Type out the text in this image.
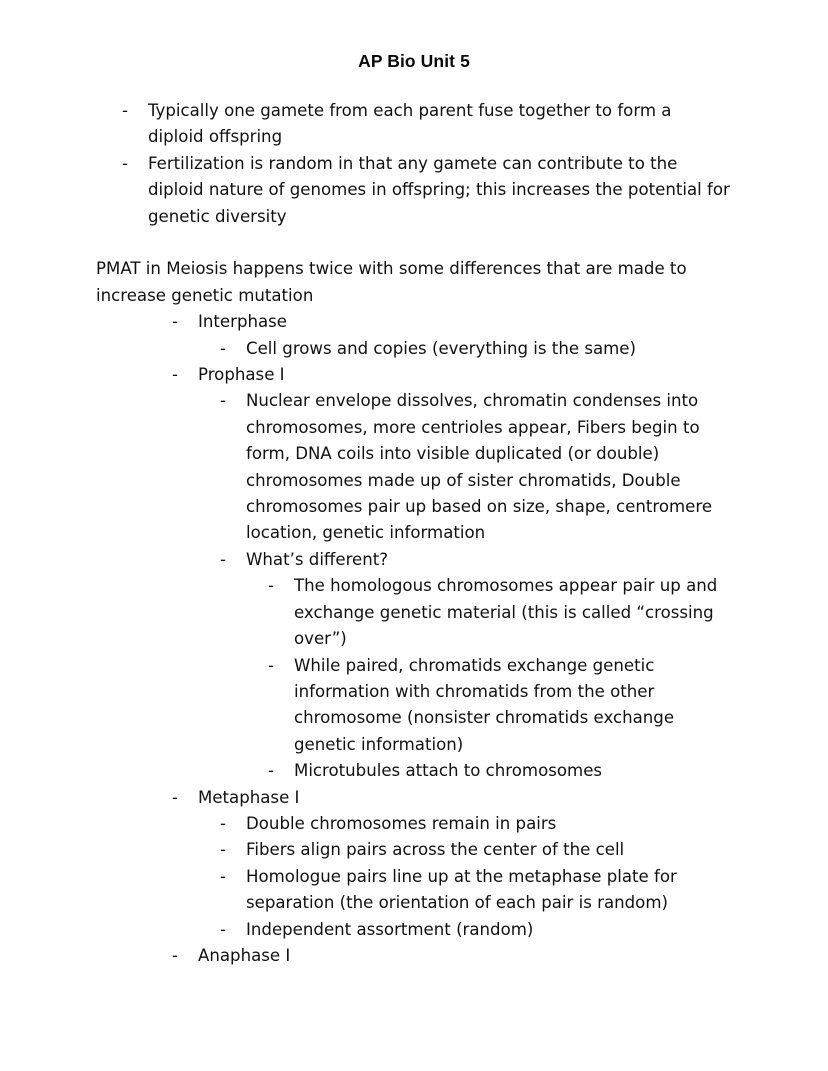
AP Bio Unit 5
-	Typically one gamete from each parent fuse together to form a diploid offspring
-	Fertilization is random in that any gamete can contribute to the diploid nature of genomes in offspring; this increases the potential for genetic diversity
PMAT in Meiosis happens twice with some differences that are made to increase genetic mutation
-	Interphase
-	Cell grows and copies (everything is the same)
-	Prophase I
-	Nuclear envelope dissolves, chromatin condenses into chromosomes, more centrioles appear, Fibers begin to form, DNA coils into visible duplicated (or double) chromosomes made up of sister chromatids, Double chromosomes pair up based on size, shape, centromere location, genetic information
-	What’s different?
-	The homologous chromosomes appear pair up and exchange genetic material (this is called “crossing over”)
-	While paired, chromatids exchange genetic information with chromatids from the other chromosome (nonsister chromatids exchange genetic information)
-	Microtubules attach to chromosomes
-	Metaphase I
-	Double chromosomes remain in pairs
-	Fibers align pairs across the center of the cell
-	Homologue pairs line up at the metaphase plate for separation (the orientation of each pair is random)
-	Independent assortment (random)
-	Anaphase I
